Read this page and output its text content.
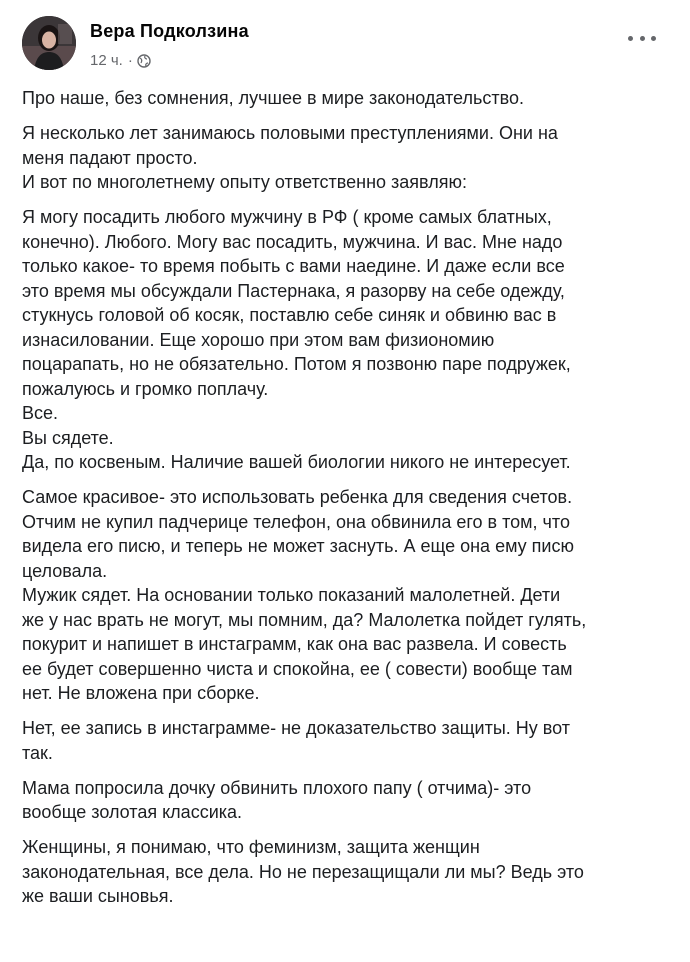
Вера Подколзина
12 ч. ·
Про наше, без сомнения, лучшее в мире законодательство.
Я несколько лет занимаюсь половыми преступлениями. Они на
меня падают просто.
И вот по многолетнему опыту ответственно заявляю:
Я могу посадить любого мужчину в РФ ( кроме самых блатных,
конечно). Любого. Могу вас посадить, мужчина. И вас. Мне надо
только какое- то время побыть с вами наедине. И даже если все
это время мы обсуждали Пастернака, я разорву на себе одежду,
стукнусь головой об косяк, поставлю себе синяк и обвиню вас в
изнасиловании. Еще хорошо при этом вам физиономию
поцарапать, но не обязательно. Потом я позвоню паре подружек,
пожалуюсь и громко поплачу.
Все.
Вы сядете.
Да, по косвеным. Наличие вашей биологии никого не интересует.
Самое красивое- это использовать ребенка для сведения счетов.
Отчим не купил падчерице телефон, она обвинила его в том, что
видела его писю, и теперь не может заснуть. А еще она ему писю
целовала.
Мужик сядет. На основании только показаний малолетней. Дети
же у нас врать не могут, мы помним, да? Малолетка пойдет гулять,
покурит и напишет в инстаграмм, как она вас развела. И совесть
ее будет совершенно чиста и спокойна, ее ( совести) вообще там
нет. Не вложена при сборке.
Нет, ее запись в инстаграмме- не доказательство защиты. Ну вот
так.
Мама попросила дочку обвинить плохого папу ( отчима)- это
вообще золотая классика.
Женщины, я понимаю, что феминизм, защита женщин
законодательная, все дела. Но не перезащищали ли мы? Ведь это
же ваши сыновья.
